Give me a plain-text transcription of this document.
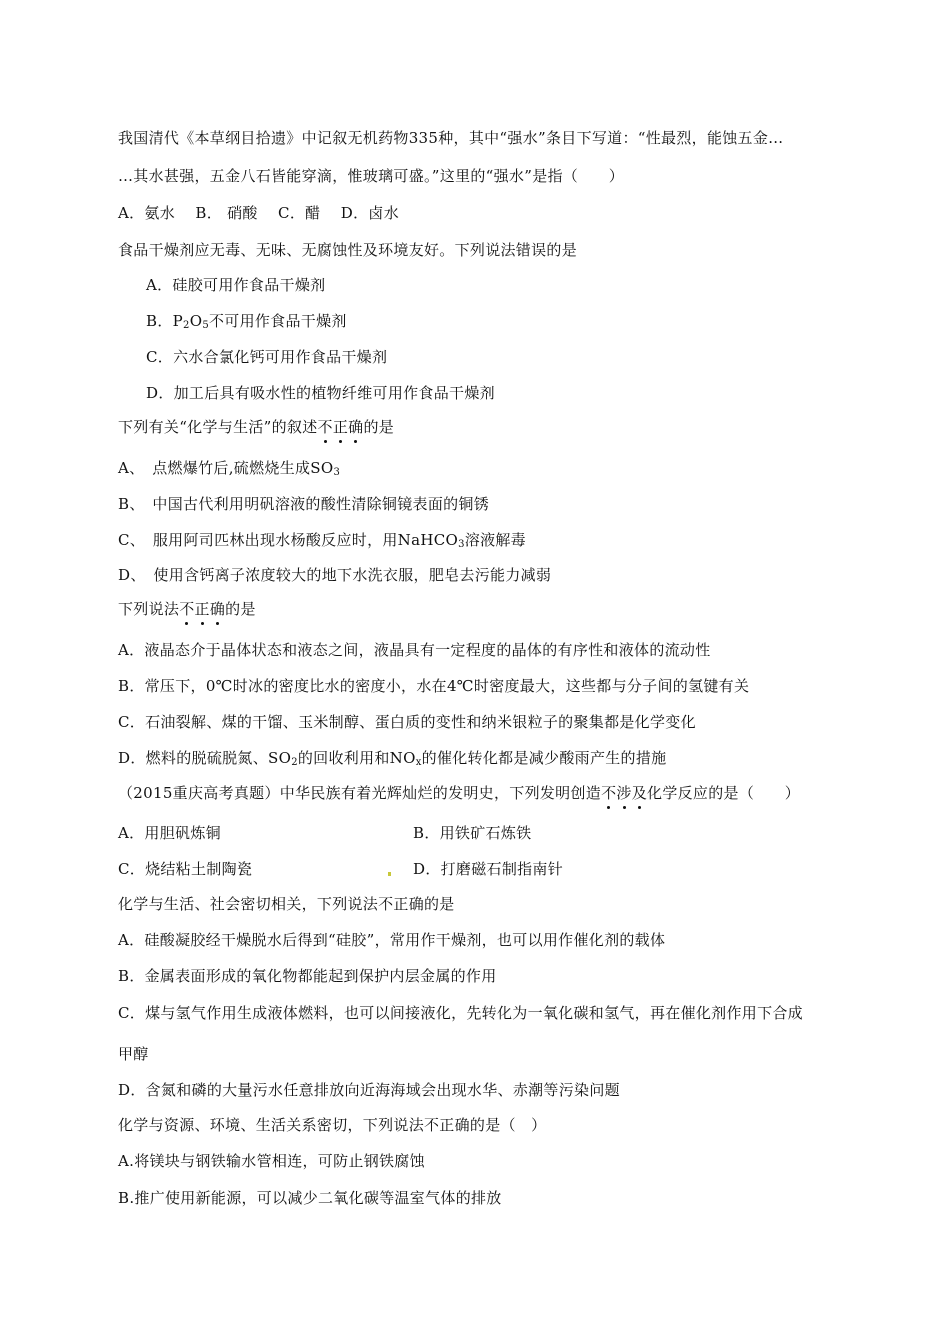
我国清代《本草纲目拾遗》中记叙无机药物335种，其中“强水”条目下写道：“性最烈，能蚀五金…
…其水甚强，五金八石皆能穿滴，惟玻璃可盛。”这里的“强水”是指（　　）
A．氨水　 B． 硝酸　 C．醋　 D．卤水
食品干燥剂应无毒、无味、无腐蚀性及环境友好。下列说法错误的是
A．硅胶可用作食品干燥剂
B．$P_2O_5$不可用作食品干燥剂
C．六水合氯化钙可用作食品干燥剂
D．加工后具有吸水性的植物纤维可用作食品干燥剂
下列有关“化学与生活”的叙述不正确的是
A、　点燃爆竹后,硫燃烧生成$SO_3$
B、　中国古代利用明矾溶液的酸性清除铜镜表面的铜锈
C、　服用阿司匹林出现水杨酸反应时，用NaHCO$_3$溶液解毒
D、　使用含钙离子浓度较大的地下水洗衣服，肥皂去污能力减弱
下列说法不正确的是
A．液晶态介于晶体状态和液态之间，液晶具有一定程度的晶体的有序性和液体的流动性
B．常压下，0℃时冰的密度比水的密度小，水在4℃时密度最大，这些都与分子间的氢键有关
C．石油裂解、煤的干馏、玉米制醇、蛋白质的变性和纳米银粒子的聚集都是化学变化
D．燃料的脱硫脱氮、$SO_2$的回收利用和$NO_x$的催化转化都是减少酸雨产生的措施
（2015重庆高考真题）中华民族有着光辉灿烂的发明史，下列发明创造不涉及化学反应的是（　　）
A．用胆矾炼铜	B．用铁矿石炼铁
C．烧结粘土制陶瓷	D．打磨磁石制指南针
化学与生活、社会密切相关，下列说法不正确的是
A．硅酸凝胶经干燥脱水后得到“硅胶”，常用作干燥剂，也可以用作催化剂的载体
B．金属表面形成的氧化物都能起到保护内层金属的作用
C．煤与氢气作用生成液体燃料，也可以间接液化，先转化为一氧化碳和氢气，再在催化剂作用下合成
甲醇
D．含氮和磷的大量污水任意排放向近海海域会出现水华、赤潮等污染问题
化学与资源、环境、生活关系密切，下列说法不正确的是（　）
A.将镁块与钢铁输水管相连，可防止钢铁腐蚀
B.推广使用新能源，可以减少二氧化碳等温室气体的排放
